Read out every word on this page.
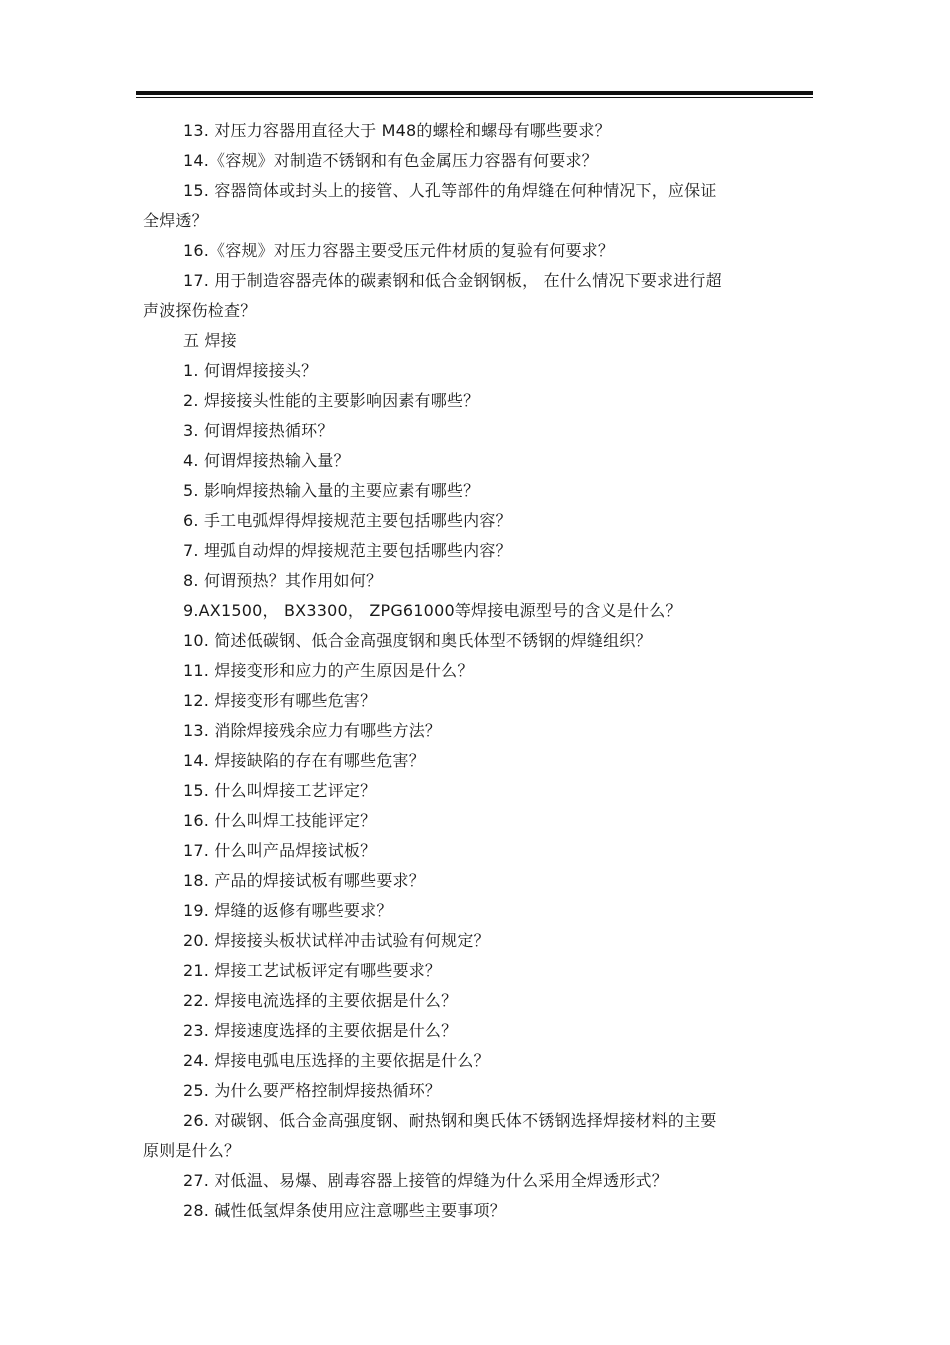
13. 对压力容器用直径大于 M48的螺栓和螺母有哪些要求？
14.《容规》对制造不锈钢和有色金属压力容器有何要求？
15. 容器筒体或封头上的接管、人孔等部件的角焊缝在何种情况下，应保证
全焊透？
16.《容规》对压力容器主要受压元件材质的复验有何要求？
17. 用于制造容器壳体的碳素钢和低合金钢钢板， 在什么情况下要求进行超
声波探伤检查？
五 焊接
1. 何谓焊接接头？
2. 焊接接头性能的主要影响因素有哪些？
3. 何谓焊接热循环？
4. 何谓焊接热输入量？
5. 影响焊接热输入量的主要应素有哪些？
6. 手工电弧焊得焊接规范主要包括哪些内容？
7. 埋弧自动焊的焊接规范主要包括哪些内容？
8. 何谓预热？其作用如何？
9.AX1500， BX3300， ZPG61000等焊接电源型号的含义是什么？
10. 简述低碳钢、低合金高强度钢和奥氏体型不锈钢的焊缝组织？
11. 焊接变形和应力的产生原因是什么？
12. 焊接变形有哪些危害？
13. 消除焊接残余应力有哪些方法？
14. 焊接缺陷的存在有哪些危害？
15. 什么叫焊接工艺评定？
16. 什么叫焊工技能评定？
17. 什么叫产品焊接试板？
18. 产品的焊接试板有哪些要求？
19. 焊缝的返修有哪些要求？
20. 焊接接头板状试样冲击试验有何规定？
21. 焊接工艺试板评定有哪些要求？
22. 焊接电流选择的主要依据是什么？
23. 焊接速度选择的主要依据是什么？
24. 焊接电弧电压选择的主要依据是什么？
25. 为什么要严格控制焊接热循环？
26. 对碳钢、低合金高强度钢、耐热钢和奥氏体不锈钢选择焊接材料的主要
原则是什么？
27. 对低温、易爆、剧毒容器上接管的焊缝为什么采用全焊透形式？
28. 碱性低氢焊条使用应注意哪些主要事项？
